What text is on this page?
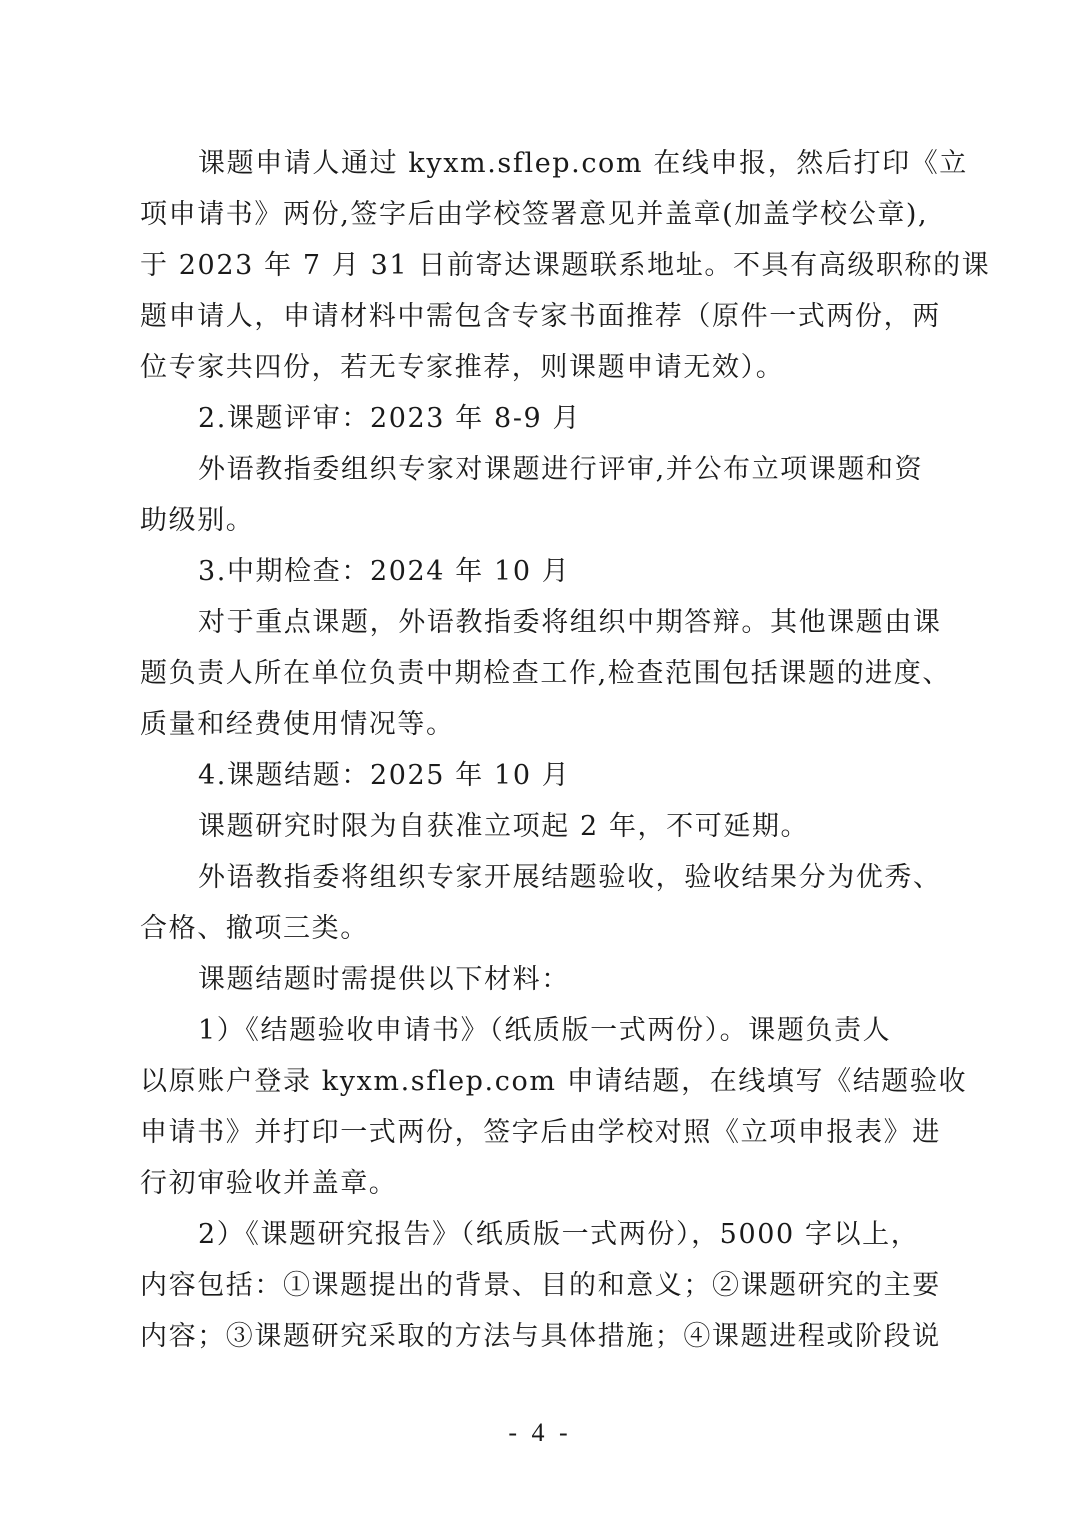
课题申请人通过 kyxm.sflep.com 在线申报，然后打印《立
项申请书》两份,签字后由学校签署意见并盖章(加盖学校公章),
于 2023 年 7 月 31 日前寄达课题联系地址。不具有高级职称的课
题申请人，申请材料中需包含专家书面推荐（原件一式两份，两
位专家共四份，若无专家推荐，则课题申请无效）。
2.课题评审：2023 年 8-9 月
外语教指委组织专家对课题进行评审,并公布立项课题和资
助级别。
3.中期检查：2024 年 10 月
对于重点课题，外语教指委将组织中期答辩。其他课题由课
题负责人所在单位负责中期检查工作,检查范围包括课题的进度、
质量和经费使用情况等。
4.课题结题：2025 年 10 月
课题研究时限为自获准立项起 2 年，不可延期。
外语教指委将组织专家开展结题验收，验收结果分为优秀、
合格、撤项三类。
课题结题时需提供以下材料：
1）《结题验收申请书》（纸质版一式两份）。课题负责人
以原账户登录 kyxm.sflep.com 申请结题，在线填写《结题验收
申请书》并打印一式两份，签字后由学校对照《立项申报表》进
行初审验收并盖章。
2）《课题研究报告》（纸质版一式两份），5000 字以上，
内容包括：①课题提出的背景、目的和意义；②课题研究的主要
内容；③课题研究采取的方法与具体措施；④课题进程或阶段说
- 4 -
